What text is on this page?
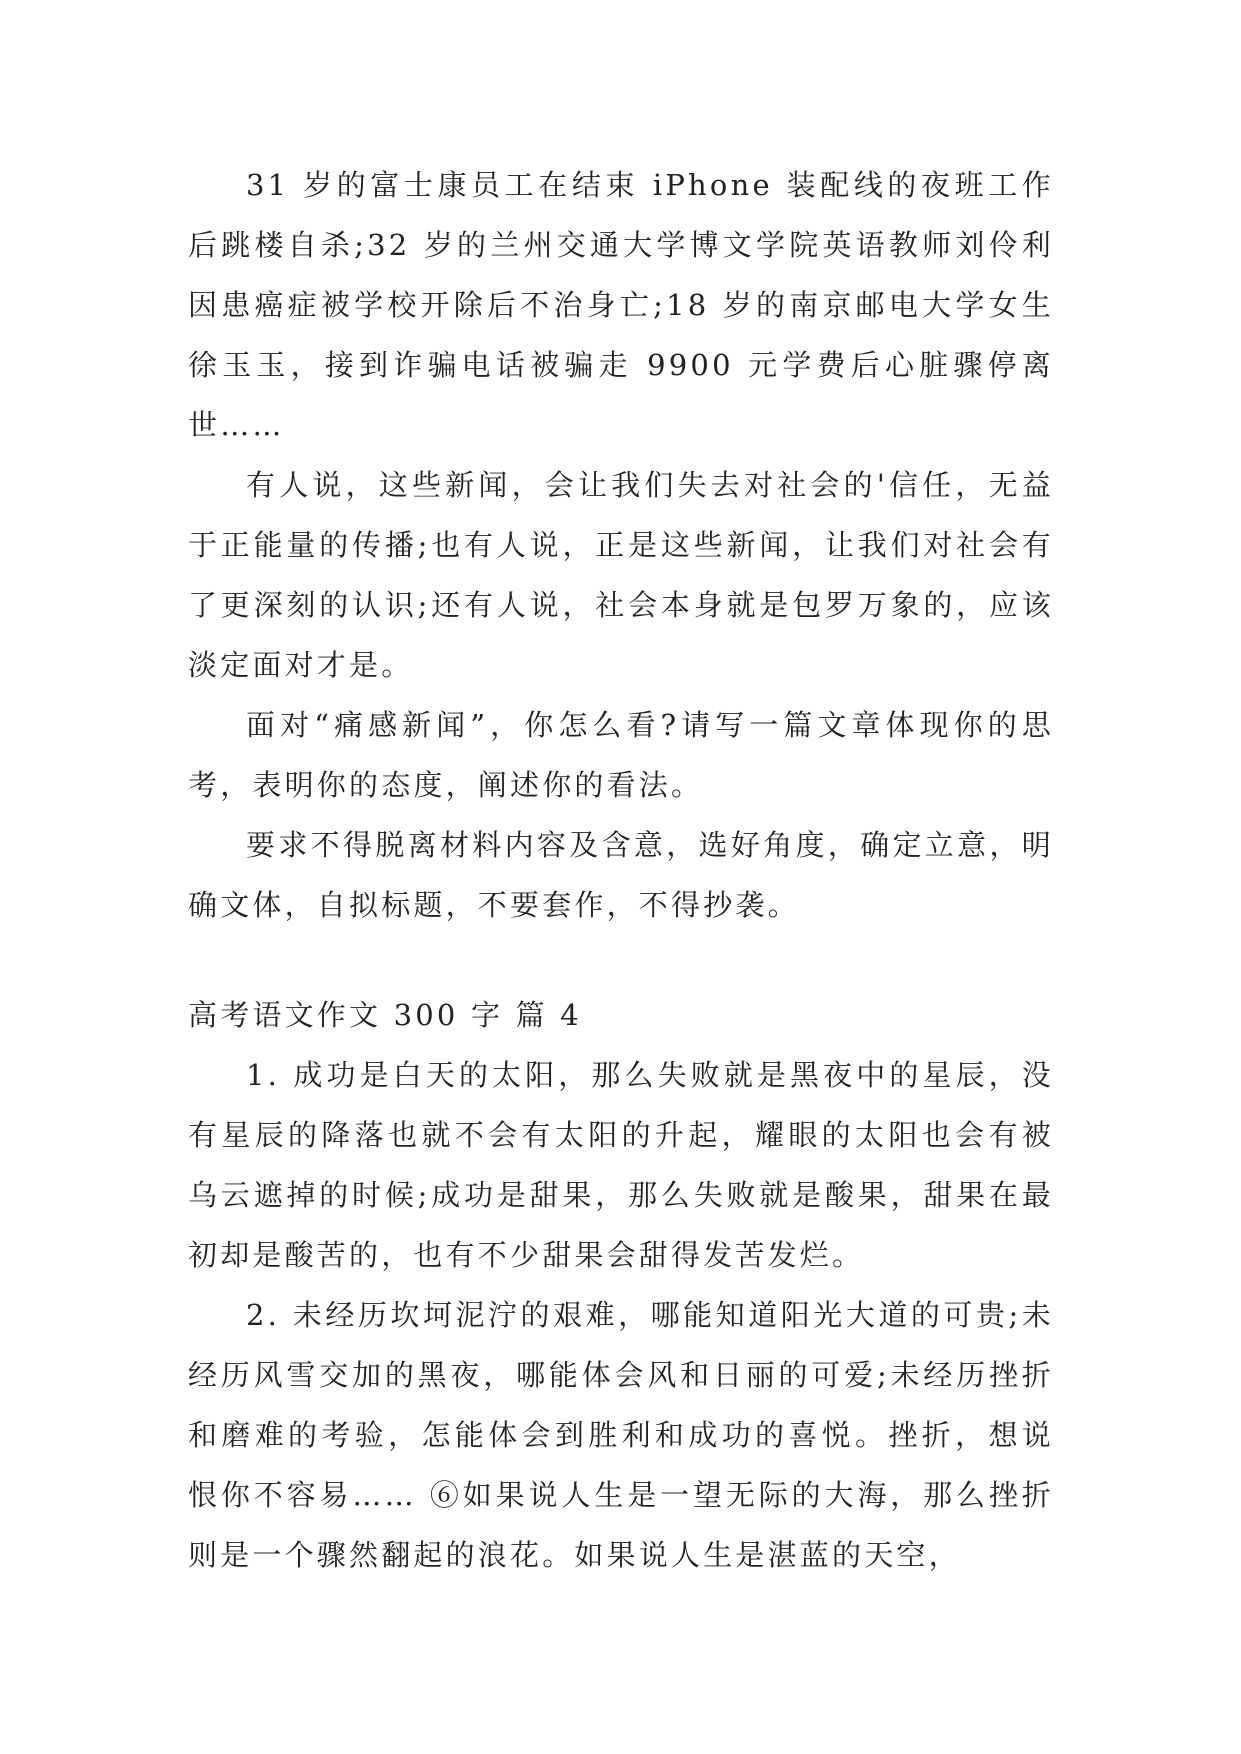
31 岁的富士康员工在结束 iPhone 装配线的夜班工作后跳楼自杀;32 岁的兰州交通大学博文学院英语教师刘伶利因患癌症被学校开除后不治身亡;18 岁的南京邮电大学女生徐玉玉，接到诈骗电话被骗走 9900 元学费后心脏骤停离世……

有人说，这些新闻，会让我们失去对社会的'信任，无益于正能量的传播;也有人说，正是这些新闻，让我们对社会有了更深刻的认识;还有人说，社会本身就是包罗万象的，应该淡定面对才是。

面对“痛感新闻”，你怎么看?请写一篇文章体现你的思考，表明你的态度，阐述你的看法。

要求不得脱离材料内容及含意，选好角度，确定立意，明确文体，自拟标题，不要套作，不得抄袭。

高考语文作文 300 字 篇 4

1. 成功是白天的太阳，那么失败就是黑夜中的星辰，没有星辰的降落也就不会有太阳的升起，耀眼的太阳也会有被乌云遮掉的时候;成功是甜果，那么失败就是酸果，甜果在最初却是酸苦的，也有不少甜果会甜得发苦发烂。

2. 未经历坎坷泥泞的艰难，哪能知道阳光大道的可贵;未经历风雪交加的黑夜，哪能体会风和日丽的可爱;未经历挫折和磨难的考验，怎能体会到胜利和成功的喜悦。挫折，想说恨你不容易…… ⑥如果说人生是一望无际的大海，那么挫折则是一个骤然翻起的浪花。如果说人生是湛蓝的天空，
